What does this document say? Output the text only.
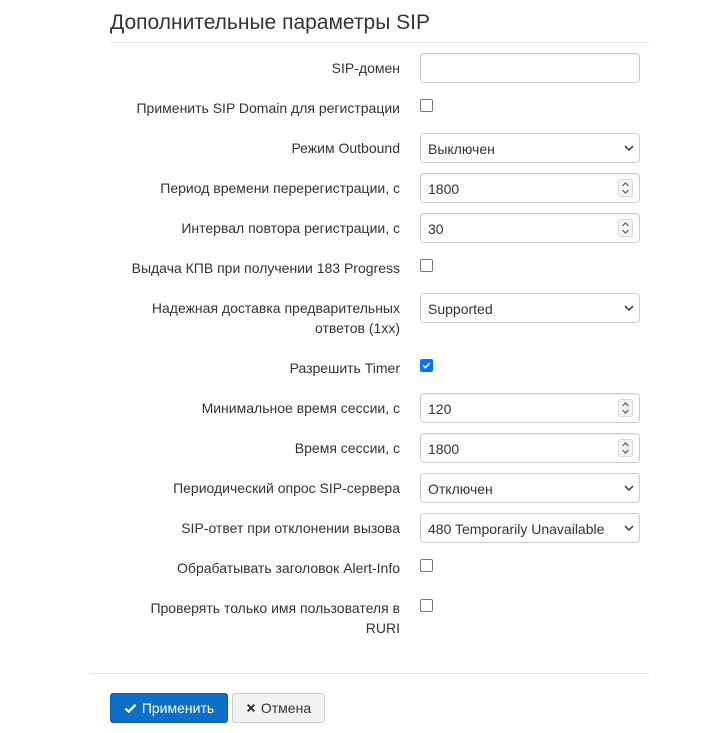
Дополнительные параметры SIP
SIP-домен
Применить SIP Domain для регистрации
Режим Outbound Выключен
Период времени перерегистрации, с 1800
Интервал повтора регистрации, с 30
Выдача КПВ при получении 183 Progress
Надежная доставка предварительных
ответов (1xx)
Supported
Разрешить Timer
Минимальное время сессии, с 120
Время сессии, с 1800
Периодический опрос SIP-сервера Отключен
SIP-ответ при отклонении вызова 480 Temporarily Unavailable
Обрабатывать заголовок Alert-Info
Проверять только имя пользователя в
RURI
Применить	Отмена
